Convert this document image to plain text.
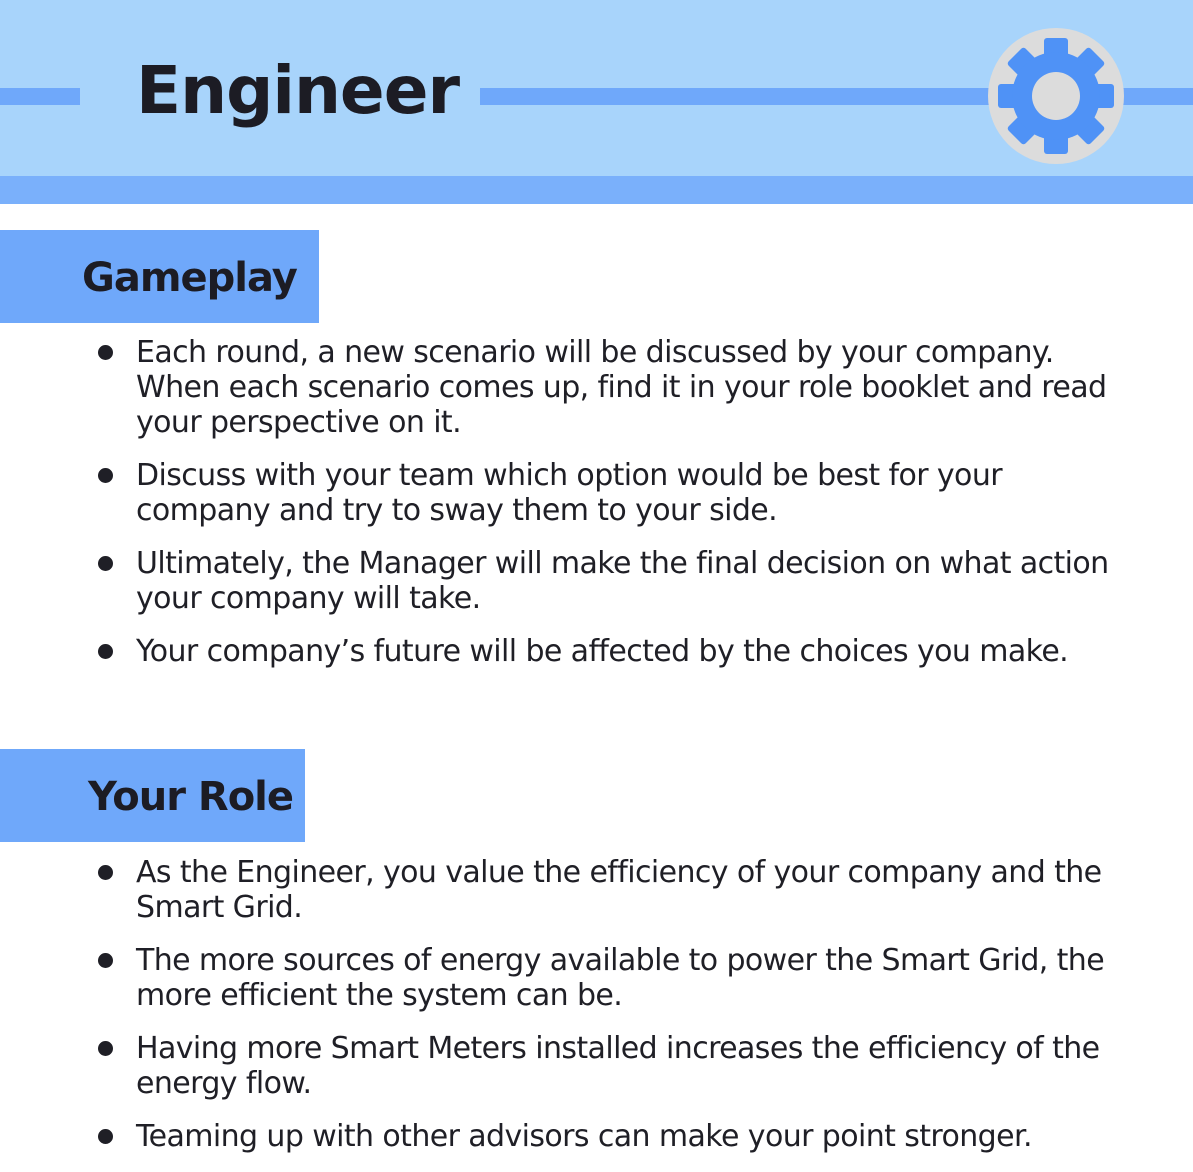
Engineer
Gameplay
Each round, a new scenario will be discussed by your company. When each scenario comes up, find it in your role booklet and read your perspective on it.
Discuss with your team which option would be best for your company and try to sway them to your side.
Ultimately, the Manager will make the final decision on what action your company will take.
Your company’s future will be affected by the choices you make.
Your Role
As the Engineer, you value the efficiency of your company and the Smart Grid.
The more sources of energy available to power the Smart Grid, the more efficient the system can be.
Having more Smart Meters installed increases the efficiency of the energy flow.
Teaming up with other advisors can make your point stronger.
